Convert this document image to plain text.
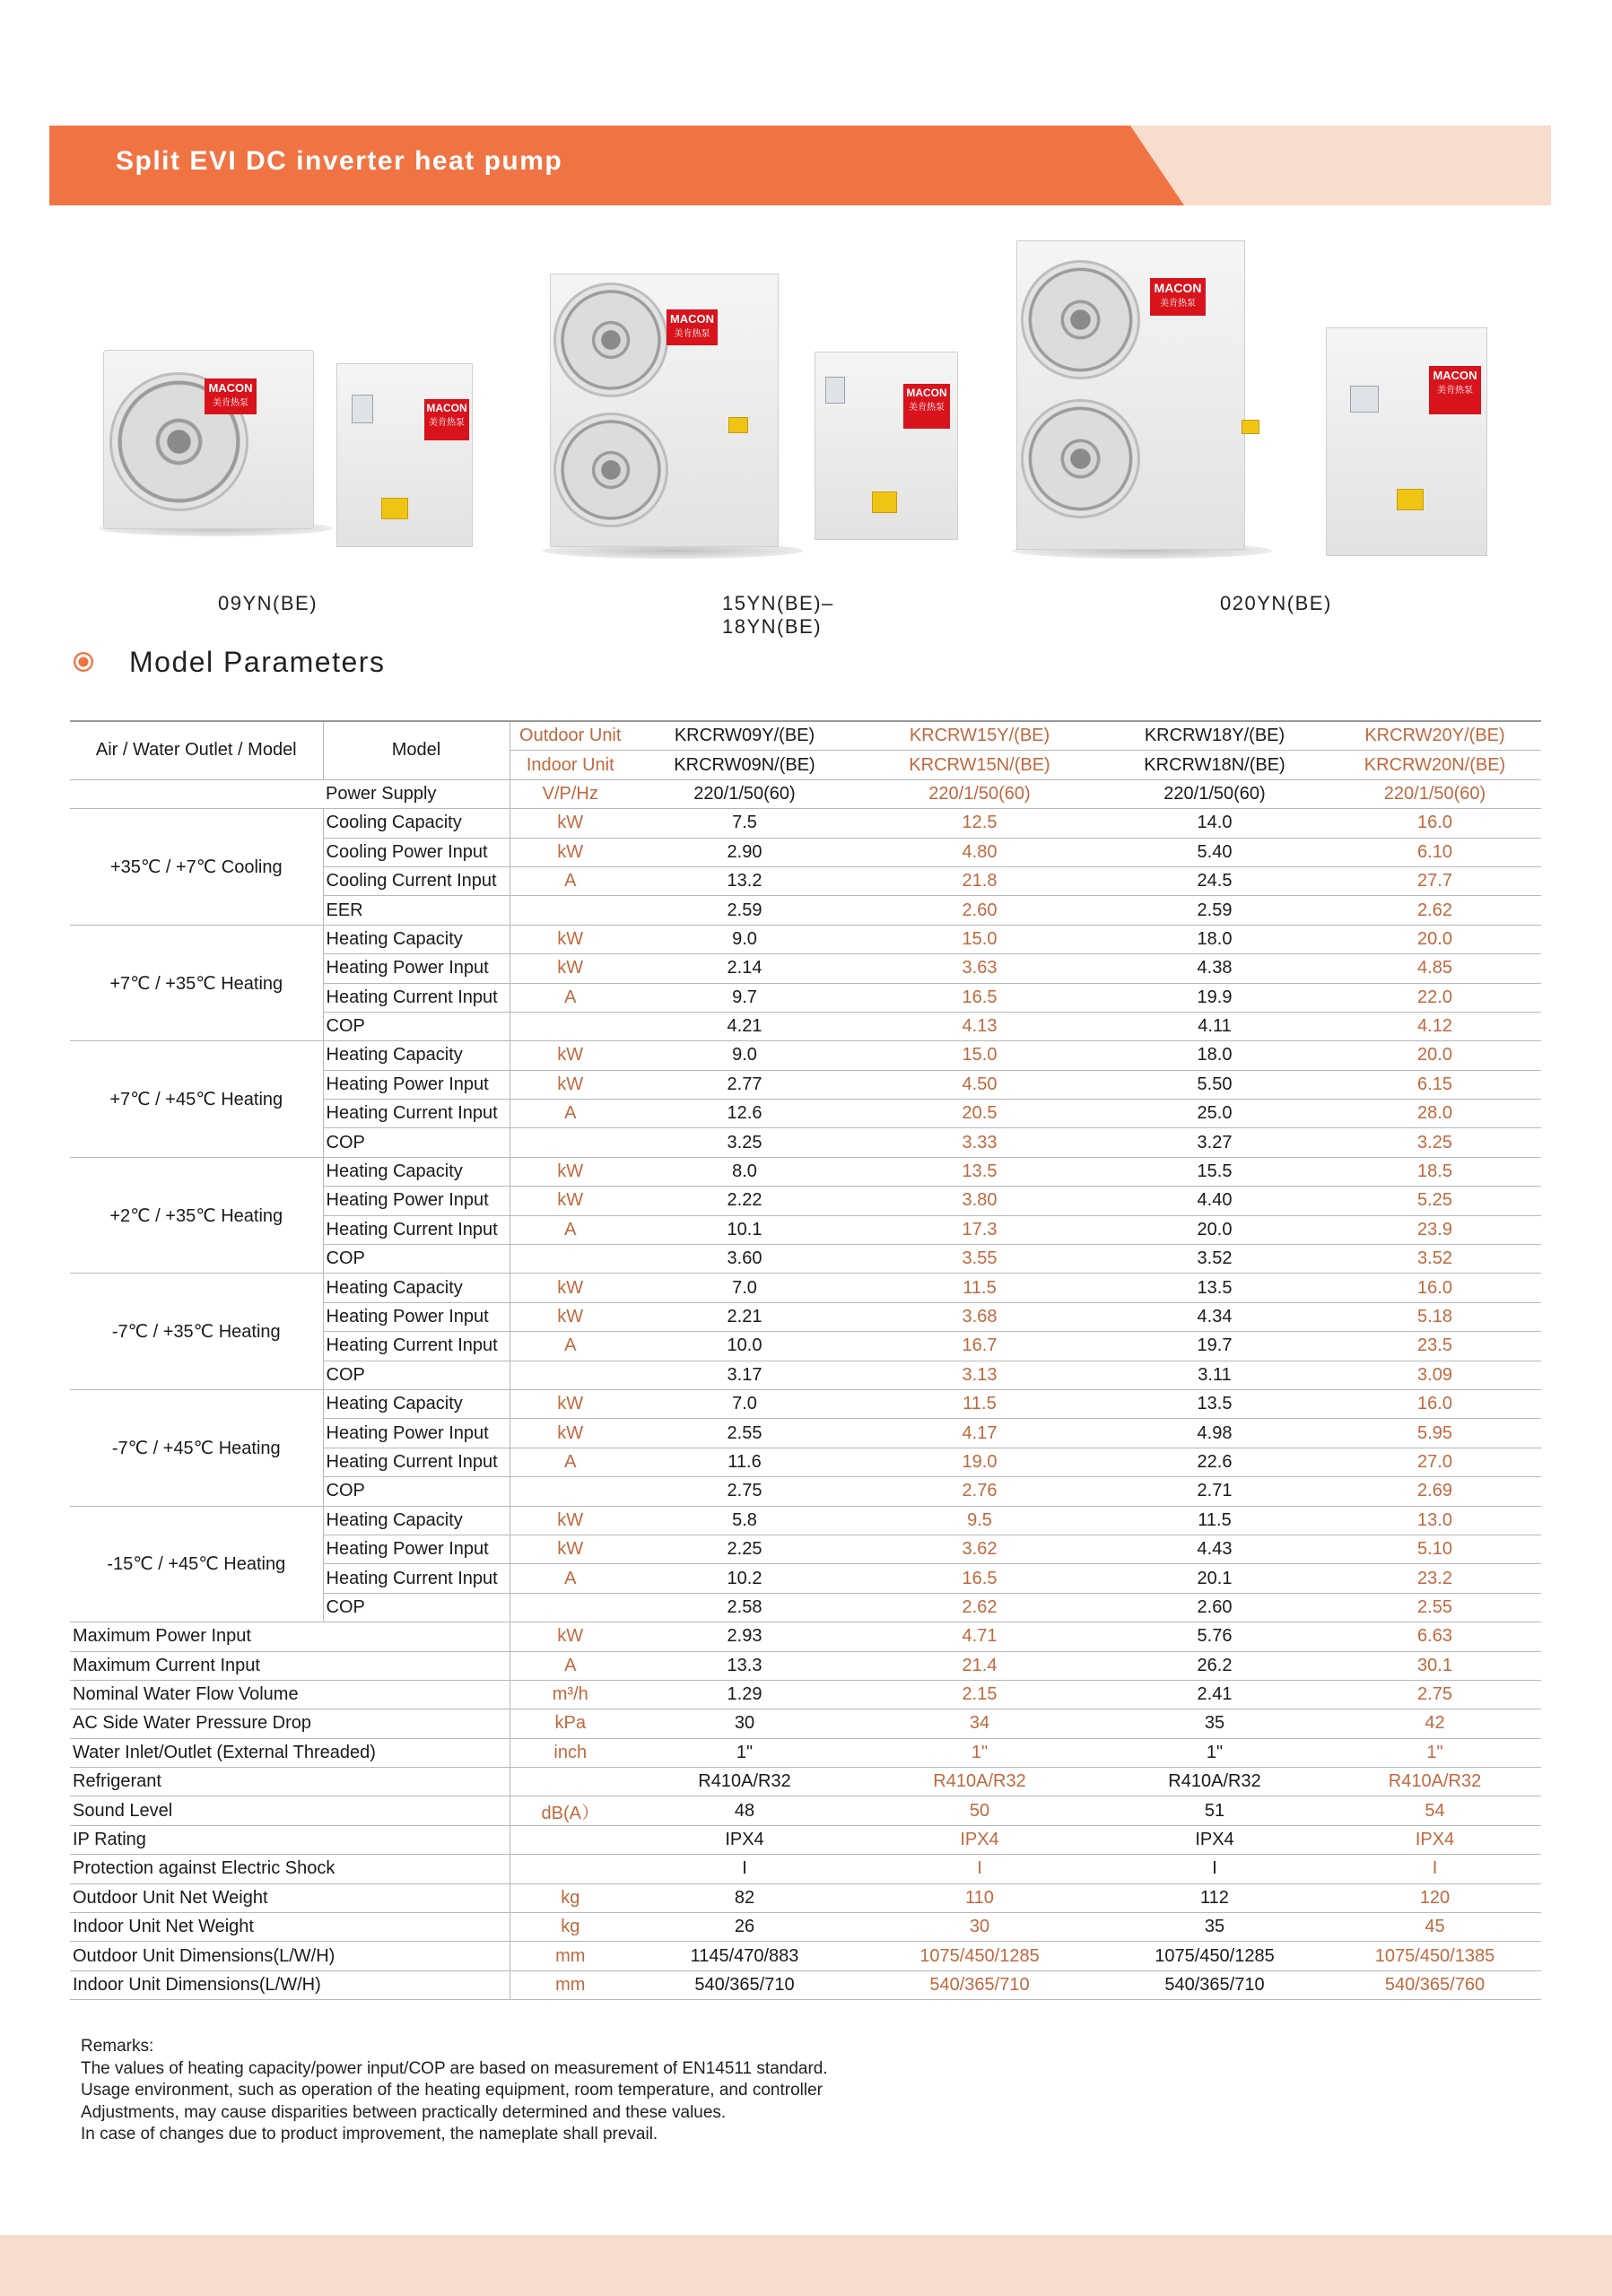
Split EVI DC inverter heat pump
MACON
美肯热泵	MACON
美肯热泵
09YN(BE)
MACON
美肯热泵
MACON
美肯热泵
15YN(BE)–18YN(BE)
MACON
美肯热泵
MACON
美肯热泵
020YN(BE)
Model Parameters
Air / Water Outlet / Model	Model	Outdoor Unit	KRCRW09Y/(BE)	KRCRW15Y/(BE)	KRCRW18Y/(BE)	KRCRW20Y/(BE)
		Indoor Unit	KRCRW09N/(BE)	KRCRW15N/(BE)	KRCRW18N/(BE)	KRCRW20N/(BE)
	Power Supply	V/P/Hz	220/1/50(60)	220/1/50(60)	220/1/50(60)	220/1/50(60)
+35℃ / +7℃ Cooling	Cooling Capacity	kW	7.5	12.5	14.0	16.0
	Cooling Power Input	kW	2.90	4.80	5.40	6.10
	Cooling Current Input	A	13.2	21.8	24.5	27.7
	EER		2.59	2.60	2.59	2.62
+7℃ / +35℃ Heating	Heating Capacity	kW	9.0	15.0	18.0	20.0
	Heating Power Input	kW	2.14	3.63	4.38	4.85
	Heating Current Input	A	9.7	16.5	19.9	22.0
	COP		4.21	4.13	4.11	4.12
+7℃ / +45℃ Heating	Heating Capacity	kW	9.0	15.0	18.0	20.0
	Heating Power Input	kW	2.77	4.50	5.50	6.15
	Heating Current Input	A	12.6	20.5	25.0	28.0
	COP		3.25	3.33	3.27	3.25
+2℃ / +35℃ Heating	Heating Capacity	kW	8.0	13.5	15.5	18.5
	Heating Power Input	kW	2.22	3.80	4.40	5.25
	Heating Current Input	A	10.1	17.3	20.0	23.9
	COP		3.60	3.55	3.52	3.52
-7℃ / +35℃ Heating	Heating Capacity	kW	7.0	11.5	13.5	16.0
	Heating Power Input	kW	2.21	3.68	4.34	5.18
	Heating Current Input	A	10.0	16.7	19.7	23.5
	COP		3.17	3.13	3.11	3.09
-7℃ / +45℃ Heating	Heating Capacity	kW	7.0	11.5	13.5	16.0
	Heating Power Input	kW	2.55	4.17	4.98	5.95
	Heating Current Input	A	11.6	19.0	22.6	27.0
	COP		2.75	2.76	2.71	2.69
-15℃ / +45℃ Heating	Heating Capacity	kW	5.8	9.5	11.5	13.0
	Heating Power Input	kW	2.25	3.62	4.43	5.10
	Heating Current Input	A	10.2	16.5	20.1	23.2
	COP		2.58	2.62	2.60	2.55
Maximum Power Input		kW	2.93	4.71	5.76	6.63
Maximum Current Input		A	13.3	21.4	26.2	30.1
Nominal Water Flow Volume		m³/h	1.29	2.15	2.41	2.75
AC Side Water Pressure Drop		kPa	30	34	35	42
Water Inlet/Outlet (External Threaded)		inch	1"	1"	1"	1"
Refrigerant			R410A/R32	R410A/R32	R410A/R32	R410A/R32
Sound Level		dB(A）	48	50	51	54
IP Rating			IPX4	IPX4	IPX4	IPX4
Protection against Electric Shock			I	I	I	I
Outdoor Unit Net Weight		kg	82	110	112	120
Indoor Unit Net Weight		kg	26	30	35	45
Outdoor Unit Dimensions(L/W/H)		mm	1145/470/883	1075/450/1285	1075/450/1285	1075/450/1385
Indoor Unit Dimensions(L/W/H)		mm	540/365/710	540/365/710	540/365/710	540/365/760
Remarks:
The values of heating capacity/power input/COP are based on measurement of EN14511 standard.
Usage environment, such as operation of the heating equipment, room temperature, and controller
Adjustments, may cause disparities between practically determined and these values.
In case of changes due to product improvement, the nameplate shall prevail.
